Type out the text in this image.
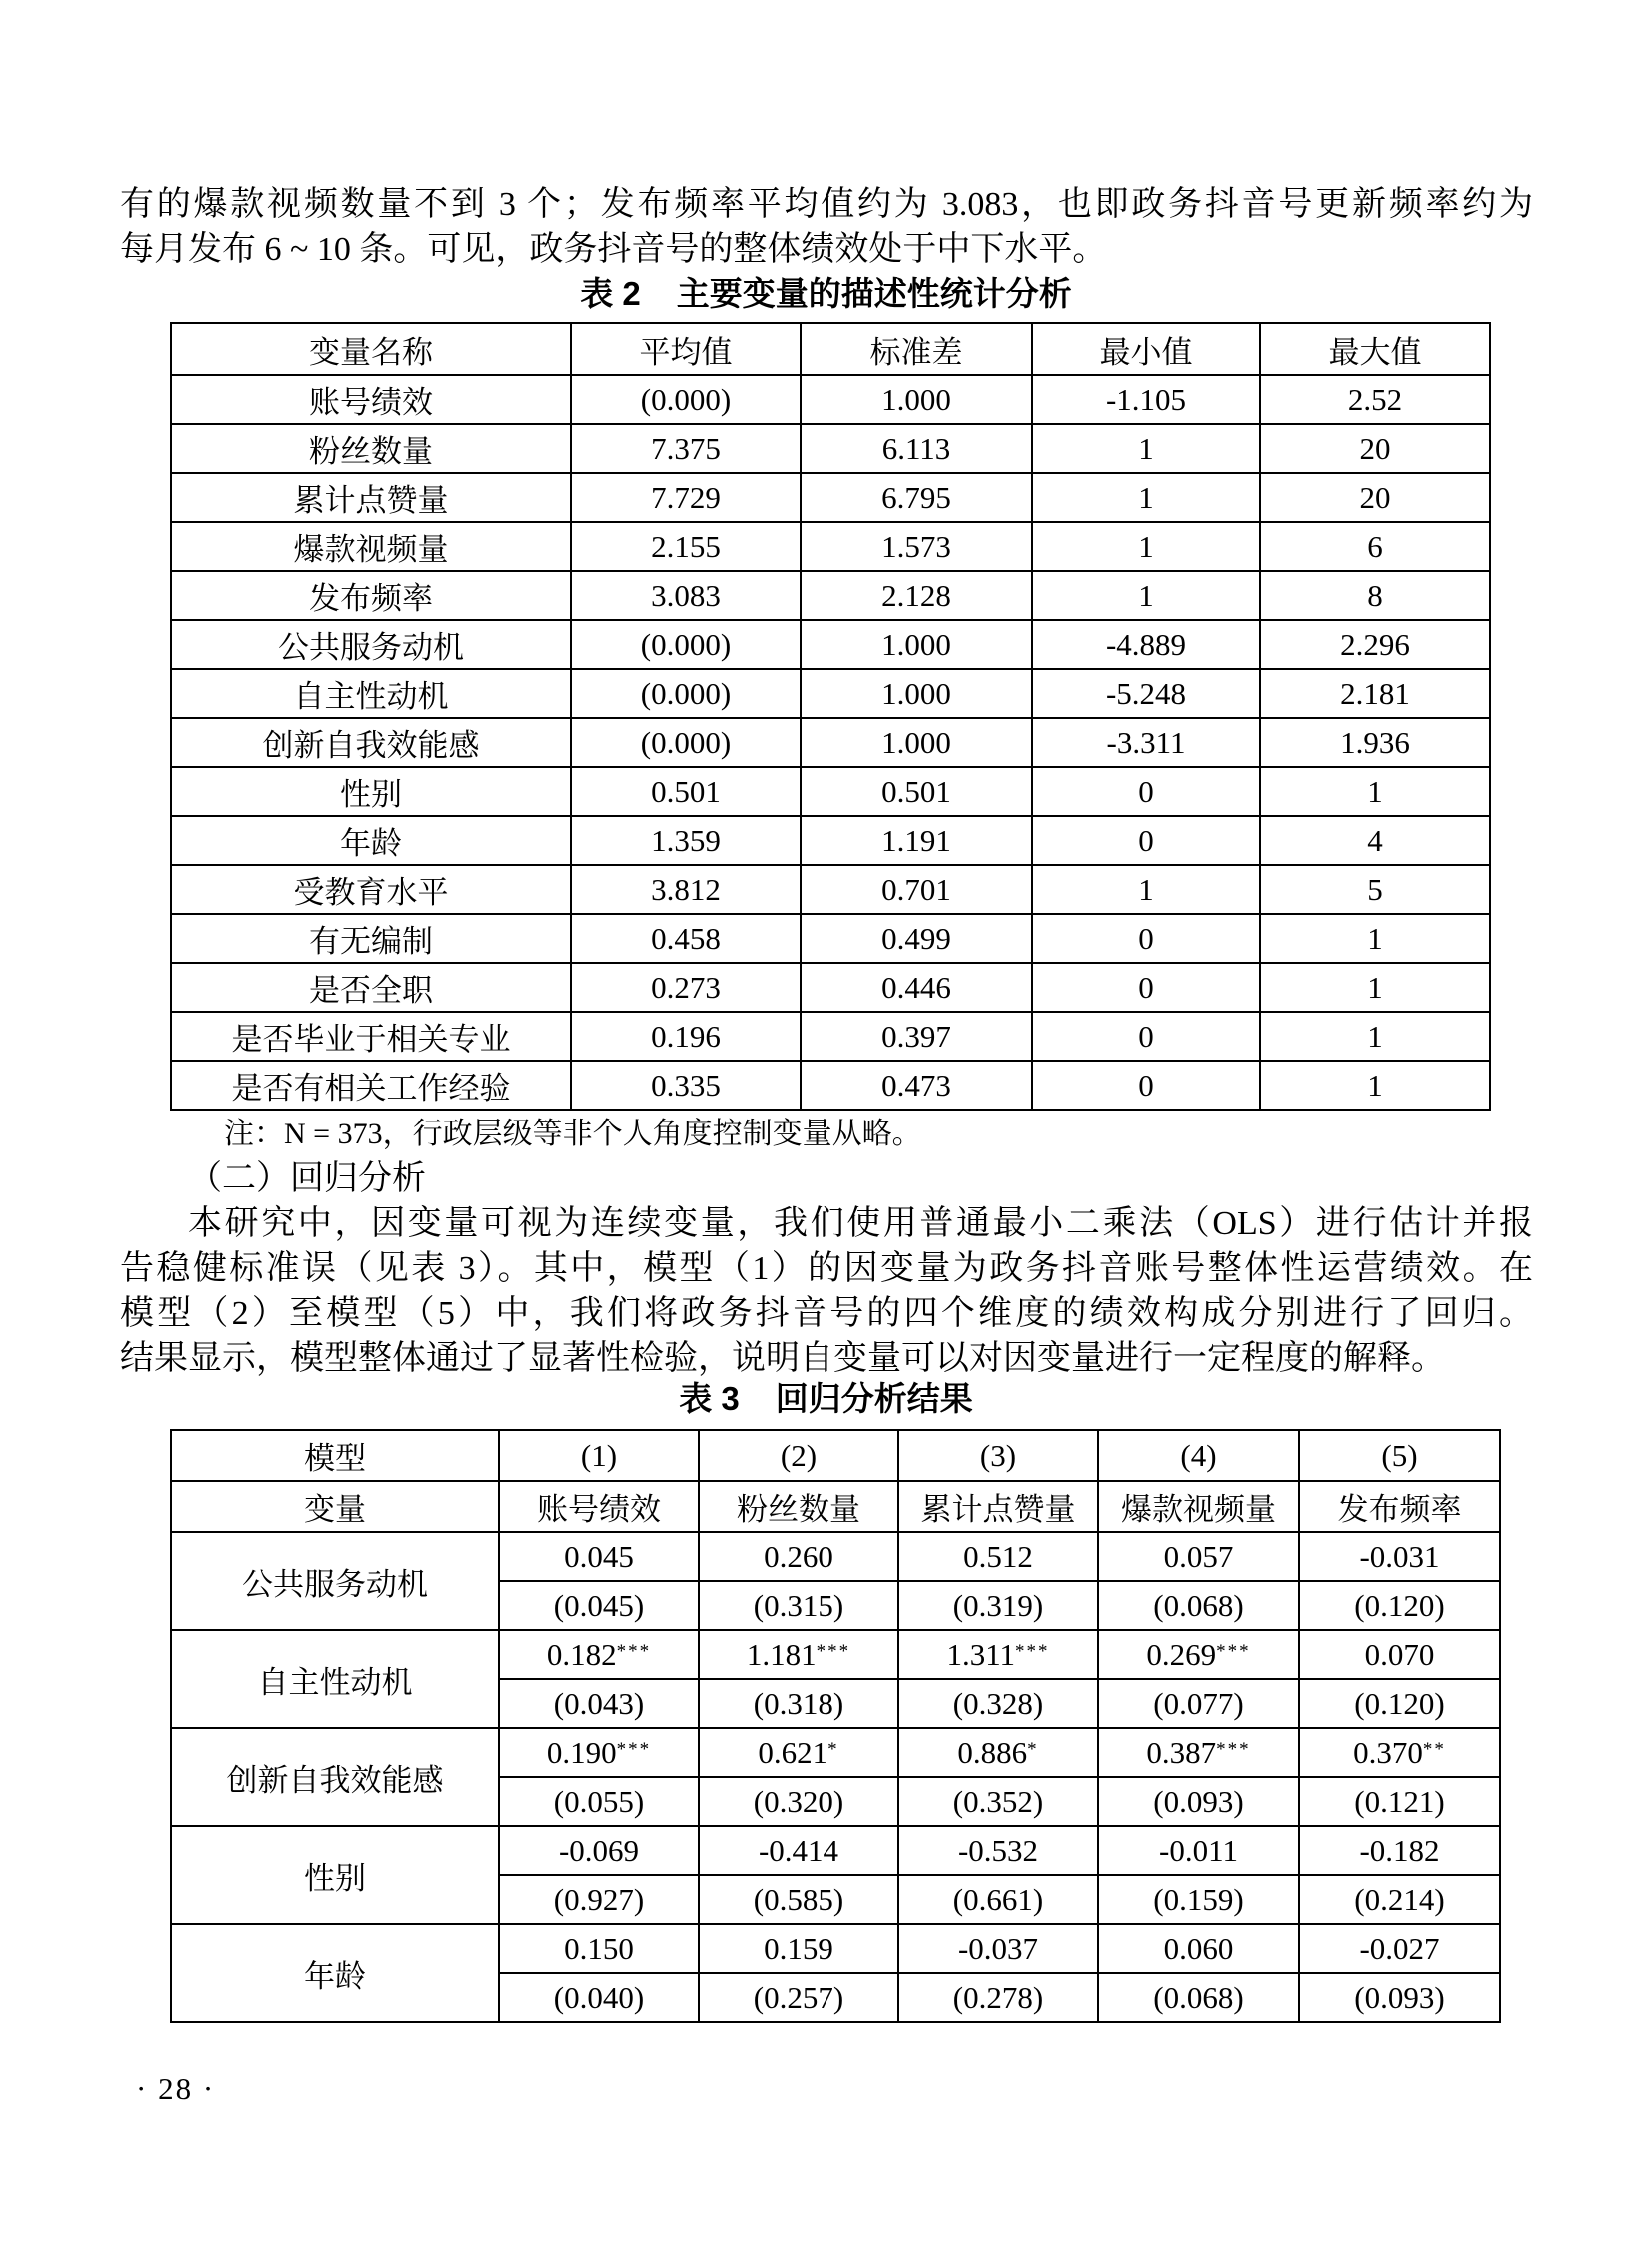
有的爆款视频数量不到 3 个；发布频率平均值约为 3.083，也即政务抖音号更新频率约为
每月发布 6 ~ 10 条。可见，政务抖音号的整体绩效处于中下水平。
表 2 主要变量的描述性统计分析
变量名称	平均值	标准差	最小值	最大值
账号绩效	(0.000)	1.000	-1.105	2.52
粉丝数量	7.375	6.113	1	20
累计点赞量	7.729	6.795	1	20
爆款视频量	2.155	1.573	1	6
发布频率	3.083	2.128	1	8
公共服务动机	(0.000)	1.000	-4.889	2.296
自主性动机	(0.000)	1.000	-5.248	2.181
创新自我效能感	(0.000)	1.000	-3.311	1.936
性别	0.501	0.501	0	1
年龄	1.359	1.191	0	4
受教育水平	3.812	0.701	1	5
有无编制	0.458	0.499	0	1
是否全职	0.273	0.446	0	1
是否毕业于相关专业	0.196	0.397	0	1
是否有相关工作经验	0.335	0.473	0	1
注：N = 373，行政层级等非个人角度控制变量从略。
（二）回归分析
本研究中，因变量可视为连续变量，我们使用普通最小二乘法（OLS）进行估计并报
告稳健标准误（见表 3）。其中，模型（1）的因变量为政务抖音账号整体性运营绩效。在
模型（2）至模型（5）中，我们将政务抖音号的四个维度的绩效构成分别进行了回归。
结果显示，模型整体通过了显著性检验，说明自变量可以对因变量进行一定程度的解释。
表 3 回归分析结果
模型	(1)	(2)	(3)	(4)	(5)
变量	账号绩效	粉丝数量	累计点赞量	爆款视频量	发布频率
公共服务动机	0.045	0.260	0.512	0.057	-0.031
	(0.045)	(0.315)	(0.319)	(0.068)	(0.120)
自主性动机	0.182***	1.181***	1.311***	0.269***	0.070
	(0.043)	(0.318)	(0.328)	(0.077)	(0.120)
创新自我效能感	0.190***	0.621*	0.886*	0.387***	0.370**
	(0.055)	(0.320)	(0.352)	(0.093)	(0.121)
性别	-0.069	-0.414	-0.532	-0.011	-0.182
	(0.927)	(0.585)	(0.661)	(0.159)	(0.214)
年龄	0.150	0.159	-0.037	0.060	-0.027
	(0.040)	(0.257)	(0.278)	(0.068)	(0.093)
· 28 ·
